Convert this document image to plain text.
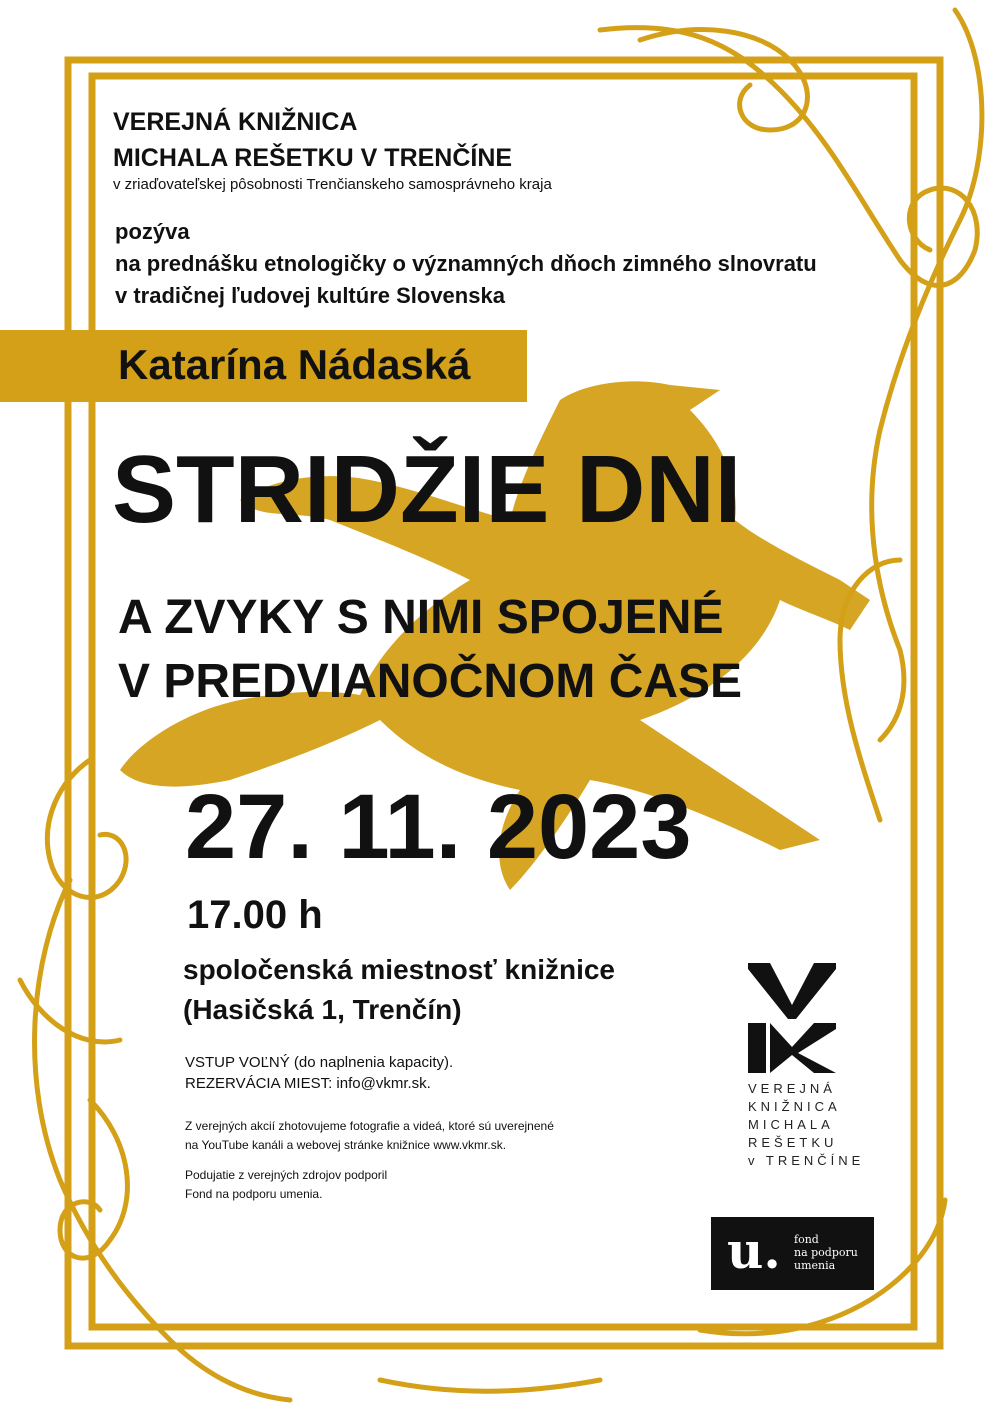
VEREJNÁ KNIŽNICA
MICHALA REŠETKU V TRENČÍNE
v zriaďovateľskej pôsobnosti Trenčianskeho samosprávneho kraja
pozýva
na prednášku etnologičky o významných dňoch zimného slnovratu
v tradičnej ľudovej kultúre Slovenska
Katarína Nádaská
STRIDŽIE DNI
A ZVYKY S NIMI SPOJENÉ
V PREDVIANOČNOM ČASE
27. 11. 2023
17.00 h
spoločenská miestnosť knižnice
(Hasičská 1, Trenčín)
VSTUP VOĽNÝ (do naplnenia kapacity).
REZERVÁCIA MIEST: info@vkmr.sk.
Z verejných akcií zhotovujeme fotografie a videá, ktoré sú uverejnené
na YouTube kanáli a webovej stránke knižnice www.vkmr.sk.
Podujatie z verejných zdrojov podporil
Fond na podporu umenia.
VEREJNÁ
KNIŽNICA
MICHALA
REŠETKU
v TRENČÍNE
u. fond
na podporu
umenia
